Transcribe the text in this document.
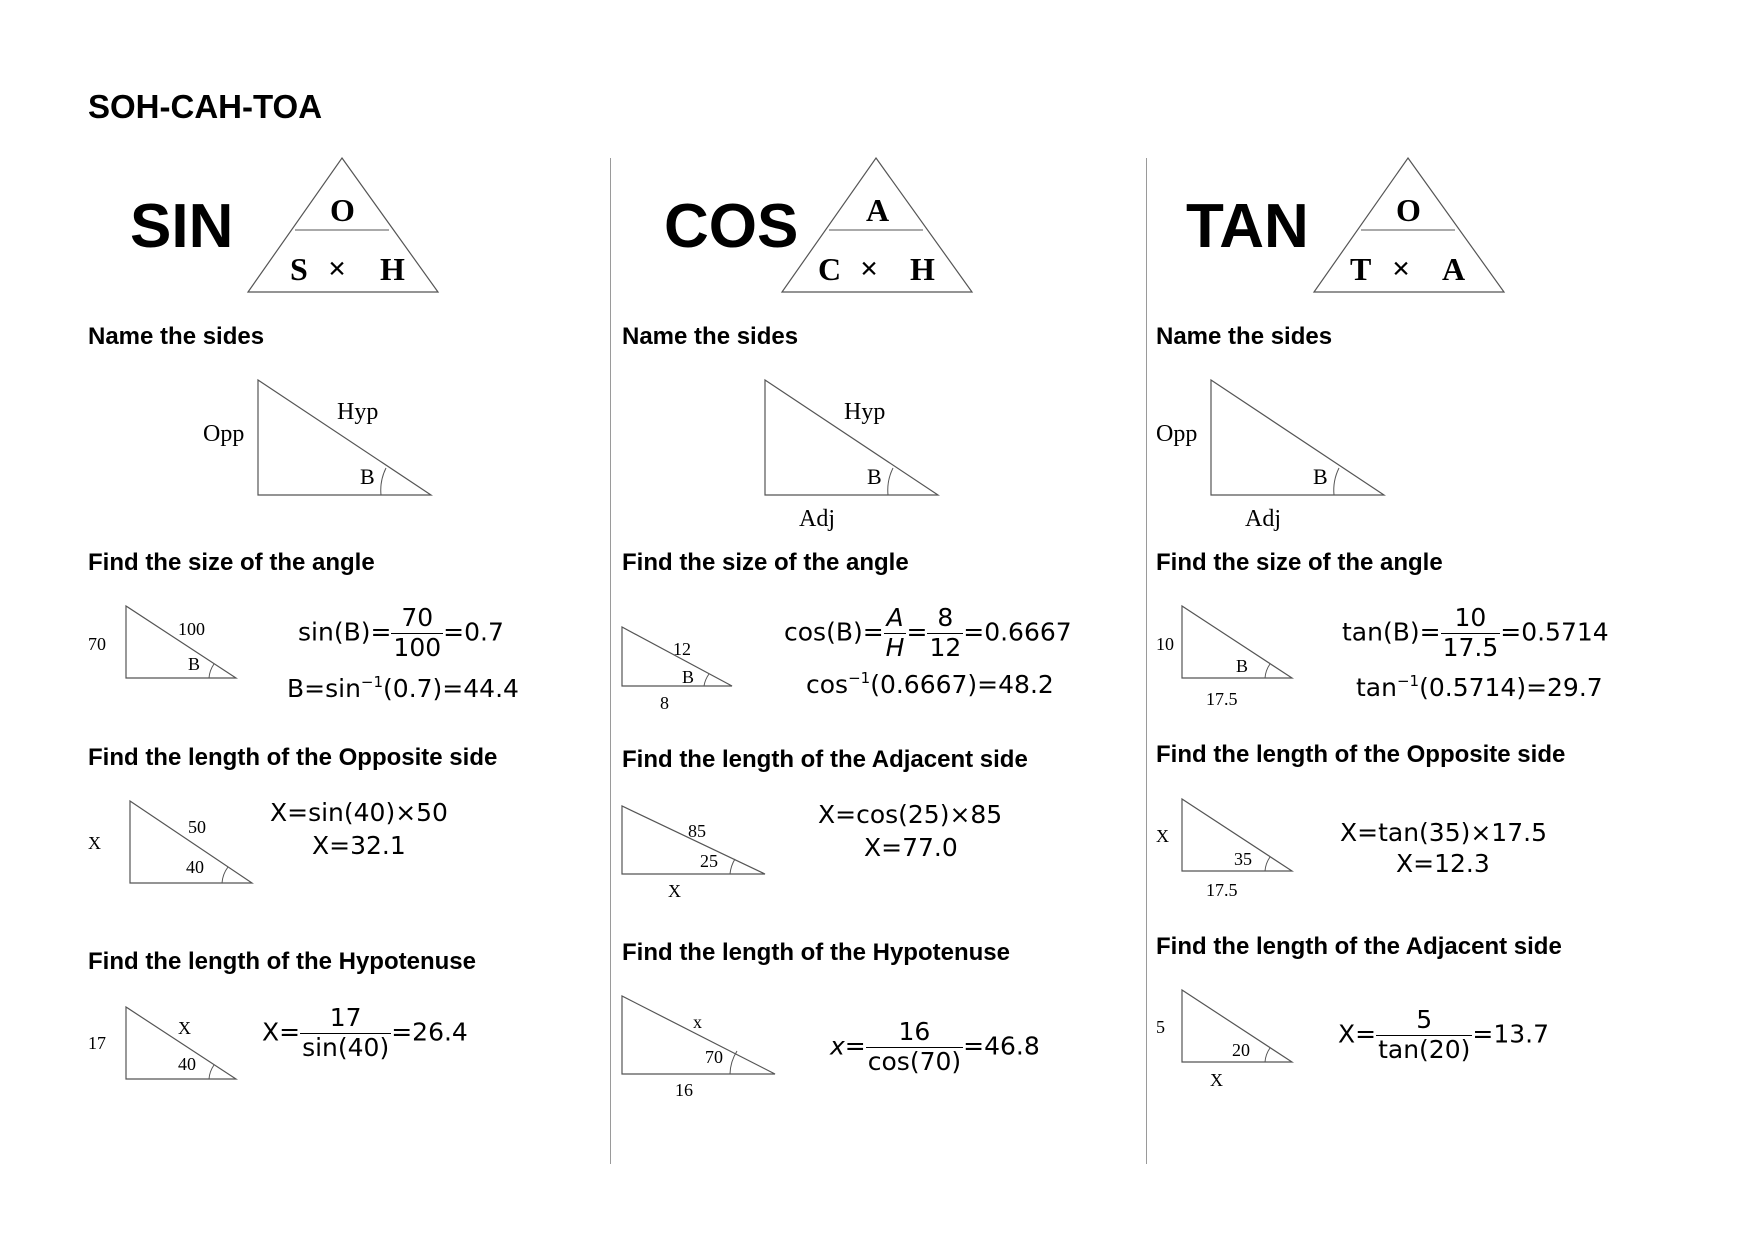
SOH-CAH-TOA
SIN	O
S × H
Name the sides
Opp
Hyp
B
Find the size of the angle
70
100
B
$\sin(B)= \frac{70}{100} =0.7$
$B=\sin^{-1}(0.7)=44.4$
Find the length of the Opposite side
X
50
40
X=sin(40)×50
X=32.1
Find the length of the Hypotenuse
17
X
40
$X= \frac{17}{\sin(40)} =26.4$
COS A
C × H
Name the sides
Hyp
B
Adj
Find the size of the angle
12
B
8
$\cos(B)= \frac{A}{H} = \frac{8}{12} =0.6667$
$\cos^{-1}(0.6667)=48.2$
Find the length of the Adjacent side
85
25
X
X=cos(25)×85
X=77.0
Find the length of the Hypotenuse
x
70
16
$x= \frac{16}{\cos(70)} =46.8$
TAN	O
T × A
Name the sides
Opp
B
Adj
Find the size of the angle
10
B
17.5
$\tan(B)= \frac{10}{17.5} =0.5714$
$\tan^{-1}(0.5714)=29.7$
Find the length of the Opposite side
X
35
17.5
X=tan(35)×17.5
X=12.3
Find the length of the Adjacent side
5
20
X
$X= \frac{5}{\tan(20)} =13.7$
